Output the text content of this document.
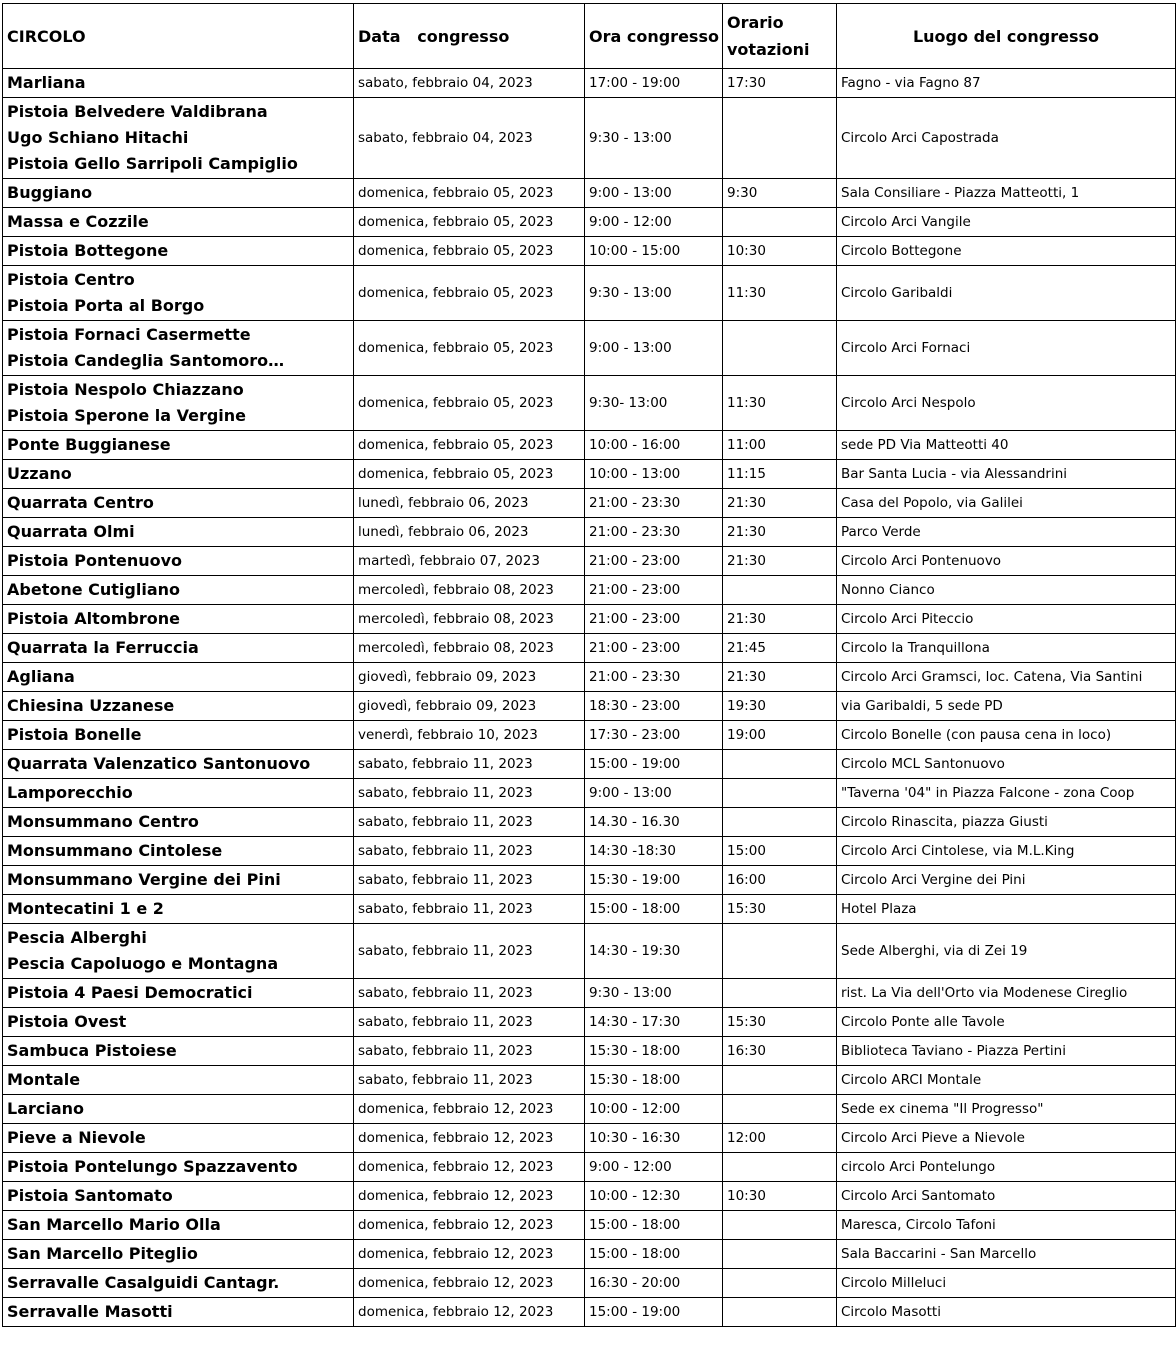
CIRCOLO	Data   congresso	Ora congresso	Orario votazioni	Luogo del congresso

Marliana	sabato, febbraio 04, 2023	17:00 - 19:00	17:30	Fagno - via Fagno 87

Pistoia Belvedere Valdibrana
Ugo Schiano Hitachi
Pistoia Gello Sarripoli Campiglio	sabato, febbraio 04, 2023	9:30 - 13:00		Circolo Arci Capostrada

Buggiano	domenica, febbraio 05, 2023	9:00 - 13:00	9:30	Sala Consiliare - Piazza Matteotti, 1

Massa e Cozzile	domenica, febbraio 05, 2023	9:00 - 12:00		Circolo Arci Vangile

Pistoia Bottegone	domenica, febbraio 05, 2023	10:00 - 15:00	10:30	Circolo Bottegone

Pistoia Centro
Pistoia Porta al Borgo	domenica, febbraio 05, 2023	9:30 - 13:00	11:30	Circolo Garibaldi

Pistoia Fornaci Casermette
Pistoia Candeglia Santomoro…	domenica, febbraio 05, 2023	9:00 - 13:00		Circolo Arci Fornaci

Pistoia Nespolo Chiazzano
Pistoia Sperone la Vergine	domenica, febbraio 05, 2023	9:30- 13:00	11:30	Circolo Arci Nespolo

Ponte Buggianese	domenica, febbraio 05, 2023	10:00 - 16:00	11:00	sede PD Via Matteotti 40

Uzzano	domenica, febbraio 05, 2023	10:00 - 13:00	11:15	Bar Santa Lucia - via Alessandrini

Quarrata Centro	lunedì, febbraio 06, 2023	21:00 - 23:30	21:30	Casa del Popolo, via Galilei

Quarrata Olmi	lunedì, febbraio 06, 2023	21:00 - 23:30	21:30	Parco Verde

Pistoia Pontenuovo	martedì, febbraio 07, 2023	21:00 - 23:00	21:30	Circolo Arci Pontenuovo

Abetone Cutigliano	mercoledì, febbraio 08, 2023	21:00 - 23:00		Nonno Cianco

Pistoia Altombrone	mercoledì, febbraio 08, 2023	21:00 - 23:00	21:30	Circolo Arci Piteccio

Quarrata la Ferruccia	mercoledì, febbraio 08, 2023	21:00 - 23:00	21:45	Circolo la Tranquillona

Agliana	giovedì, febbraio 09, 2023	21:00 - 23:30	21:30	Circolo Arci Gramsci, loc. Catena, Via Santini

Chiesina Uzzanese	giovedì, febbraio 09, 2023	18:30 - 23:00	19:30	via Garibaldi, 5 sede PD

Pistoia Bonelle	venerdì, febbraio 10, 2023	17:30 - 23:00	19:00	Circolo Bonelle (con pausa cena in loco)

Quarrata Valenzatico Santonuovo	sabato, febbraio 11, 2023	15:00 - 19:00		Circolo MCL Santonuovo

Lamporecchio	sabato, febbraio 11, 2023	9:00 - 13:00		"Taverna '04" in Piazza Falcone - zona Coop

Monsummano Centro	sabato, febbraio 11, 2023	14.30 - 16.30		Circolo Rinascita, piazza Giusti

Monsummano Cintolese	sabato, febbraio 11, 2023	14:30 -18:30	15:00	Circolo Arci Cintolese, via M.L.King

Monsummano Vergine dei Pini	sabato, febbraio 11, 2023	15:30 - 19:00	16:00	Circolo Arci Vergine dei Pini

Montecatini 1 e 2	sabato, febbraio 11, 2023	15:00 - 18:00	15:30	Hotel Plaza

Pescia Alberghi
Pescia Capoluogo e Montagna	sabato, febbraio 11, 2023	14:30 - 19:30		Sede Alberghi, via di Zei 19

Pistoia 4 Paesi Democratici	sabato, febbraio 11, 2023	9:30 - 13:00		rist. La Via dell'Orto via Modenese Cireglio

Pistoia Ovest	sabato, febbraio 11, 2023	14:30 - 17:30	15:30	Circolo Ponte alle Tavole

Sambuca Pistoiese	sabato, febbraio 11, 2023	15:30 - 18:00	16:30	Biblioteca Taviano - Piazza Pertini

Montale	sabato, febbraio 11, 2023	15:30 - 18:00		Circolo ARCI Montale

Larciano	domenica, febbraio 12, 2023	10:00 - 12:00		Sede ex cinema "Il Progresso"

Pieve a Nievole	domenica, febbraio 12, 2023	10:30 - 16:30	12:00	Circolo Arci Pieve a Nievole

Pistoia Pontelungo Spazzavento	domenica, febbraio 12, 2023	9:00 - 12:00		circolo Arci Pontelungo

Pistoia Santomato	domenica, febbraio 12, 2023	10:00 - 12:30	10:30	Circolo Arci Santomato

San Marcello Mario Olla	domenica, febbraio 12, 2023	15:00 - 18:00		Maresca, Circolo Tafoni

San Marcello Piteglio	domenica, febbraio 12, 2023	15:00 - 18:00		Sala Baccarini - San Marcello

Serravalle Casalguidi Cantagr.	domenica, febbraio 12, 2023	16:30 - 20:00		Circolo Milleluci

Serravalle Masotti	domenica, febbraio 12, 2023	15:00 - 19:00		Circolo Masotti
